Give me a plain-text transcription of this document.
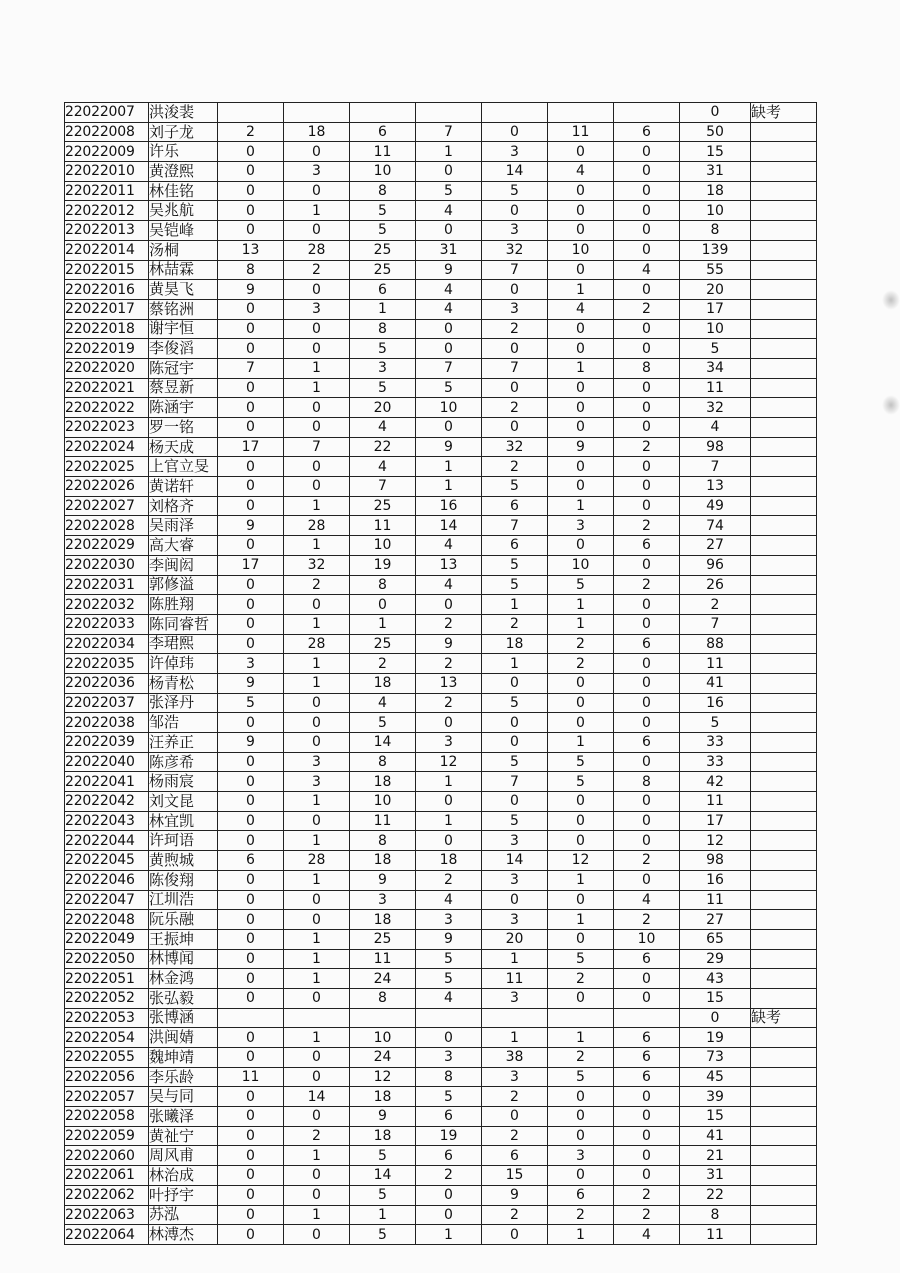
22022007	洪浚裴								0	缺考
22022008	刘子龙	2	18	6	7	0	11	6	50	
22022009	许乐	0	0	11	1	3	0	0	15	
22022010	黄澄熙	0	3	10	0	14	4	0	31	
22022011	林佳铭	0	0	8	5	5	0	0	18	
22022012	吴兆航	0	1	5	4	0	0	0	10	
22022013	吴铠峰	0	0	5	0	3	0	0	8	
22022014	汤桐	13	28	25	31	32	10	0	139	
22022015	林喆霖	8	2	25	9	7	0	4	55	
22022016	黄昊飞	9	0	6	4	0	1	0	20	
22022017	蔡铭洲	0	3	1	4	3	4	2	17	
22022018	谢宇恒	0	0	8	0	2	0	0	10	
22022019	李俊滔	0	0	5	0	0	0	0	5	
22022020	陈冠宇	7	1	3	7	7	1	8	34	
22022021	蔡昱新	0	1	5	5	0	0	0	11	
22022022	陈涵宇	0	0	20	10	2	0	0	32	
22022023	罗一铭	0	0	4	0	0	0	0	4	
22022024	杨天成	17	7	22	9	32	9	2	98	
22022025	上官立旻	0	0	4	1	2	0	0	7	
22022026	黄诺轩	0	0	7	1	5	0	0	13	
22022027	刘格齐	0	1	25	16	6	1	0	49	
22022028	吴雨泽	9	28	11	14	7	3	2	74	
22022029	高大睿	0	1	10	4	6	0	6	27	
22022030	李闽闳	17	32	19	13	5	10	0	96	
22022031	郭修溢	0	2	8	4	5	5	2	26	
22022032	陈胜翔	0	0	0	0	1	1	0	2	
22022033	陈同睿哲	0	1	1	2	2	1	0	7	
22022034	李珺熙	0	28	25	9	18	2	6	88	
22022035	许倬玮	3	1	2	2	1	2	0	11	
22022036	杨青松	9	1	18	13	0	0	0	41	
22022037	张泽丹	5	0	4	2	5	0	0	16	
22022038	邹浩	0	0	5	0	0	0	0	5	
22022039	汪养正	9	0	14	3	0	1	6	33	
22022040	陈彦希	0	3	8	12	5	5	0	33	
22022041	杨雨宸	0	3	18	1	7	5	8	42	
22022042	刘文昆	0	1	10	0	0	0	0	11	
22022043	林宜凯	0	0	11	1	5	0	0	17	
22022044	许珂语	0	1	8	0	3	0	0	12	
22022045	黄煦城	6	28	18	18	14	12	2	98	
22022046	陈俊翔	0	1	9	2	3	1	0	16	
22022047	江圳浩	0	0	3	4	0	0	4	11	
22022048	阮乐融	0	0	18	3	3	1	2	27	
22022049	王振坤	0	1	25	9	20	0	10	65	
22022050	林博闻	0	1	11	5	1	5	6	29	
22022051	林金鸿	0	1	24	5	11	2	0	43	
22022052	张弘毅	0	0	8	4	3	0	0	15	
22022053	张博涵								0	缺考
22022054	洪闽婧	0	1	10	0	1	1	6	19	
22022055	魏坤靖	0	0	24	3	38	2	6	73	
22022056	李乐龄	11	0	12	8	3	5	6	45	
22022057	吴与同	0	14	18	5	2	0	0	39	
22022058	张曦泽	0	0	9	6	0	0	0	15	
22022059	黄祉宁	0	2	18	19	2	0	0	41	
22022060	周风甫	0	1	5	6	6	3	0	21	
22022061	林治成	0	0	14	2	15	0	0	31	
22022062	叶抒宇	0	0	5	0	9	6	2	22	
22022063	苏泓	0	1	1	0	2	2	2	8	
22022064	林溥杰	0	0	5	1	0	1	4	11	
